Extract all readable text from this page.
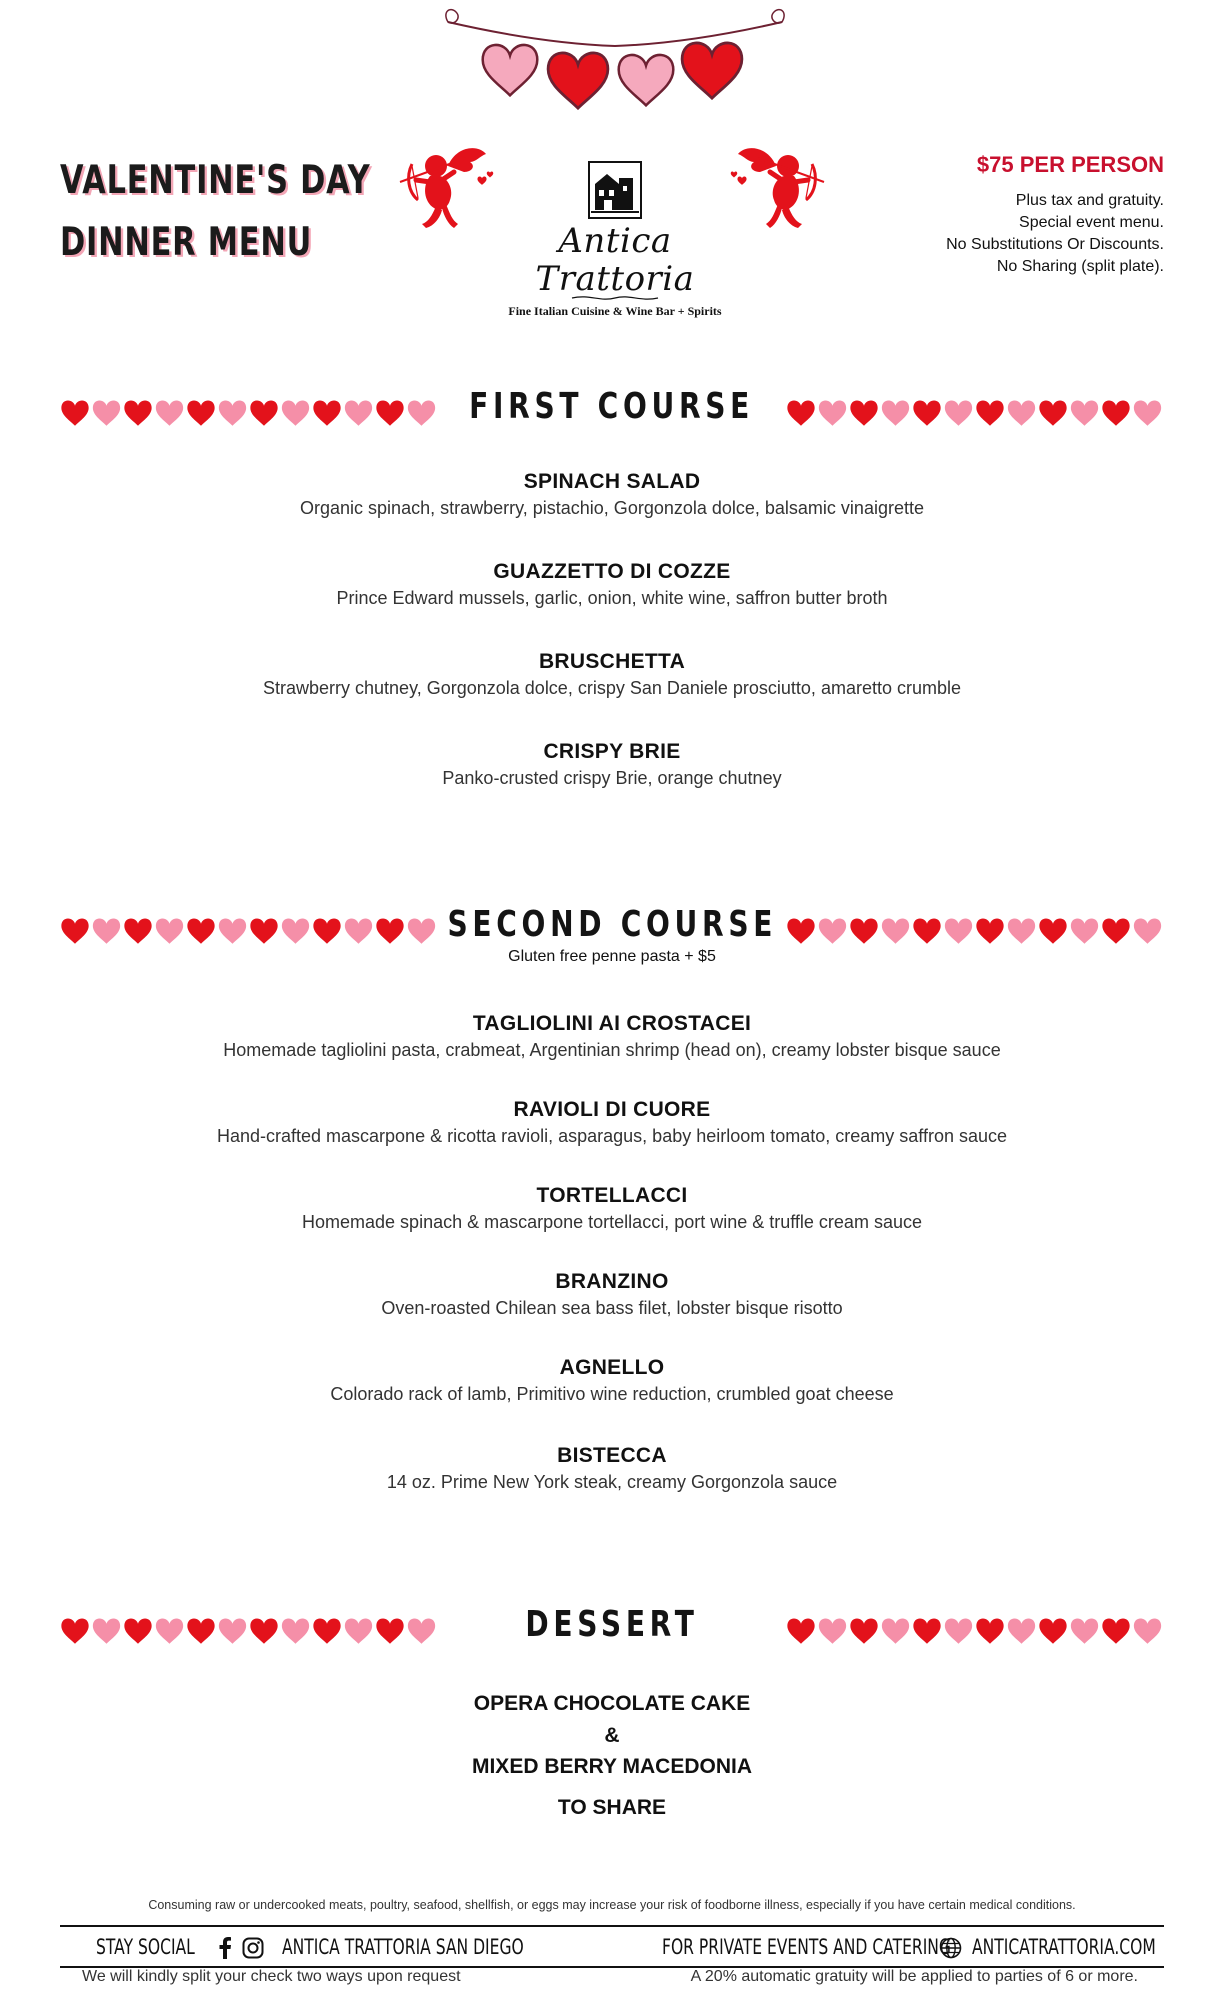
VALENTINE'S DAY
DINNER MENU	Antica Trattoria
Fine Italian Cuisine & Wine Bar + Spirits
$75 PER PERSON
Plus tax and gratuity.
Special event menu.
No Substitutions Or Discounts.
No Sharing (split plate).
FIRST COURSE
SPINACH SALAD
Organic spinach, strawberry, pistachio, Gorgonzola dolce, balsamic vinaigrette
GUAZZETTO DI COZZE
Prince Edward mussels, garlic, onion, white wine, saffron butter broth
BRUSCHETTA
Strawberry chutney, Gorgonzola dolce, crispy San Daniele prosciutto, amaretto crumble
CRISPY BRIE
Panko-crusted crispy Brie, orange chutney
SECOND COURSE
Gluten free penne pasta + $5
TAGLIOLINI AI CROSTACEI
Homemade tagliolini pasta, crabmeat, Argentinian shrimp (head on), creamy lobster bisque sauce
RAVIOLI DI CUORE
Hand-crafted mascarpone & ricotta ravioli, asparagus, baby heirloom tomato, creamy saffron sauce
TORTELLACCI
Homemade spinach & mascarpone tortellacci, port wine & truffle cream sauce
BRANZINO
Oven-roasted Chilean sea bass filet, lobster bisque risotto
AGNELLO
Colorado rack of lamb, Primitivo wine reduction, crumbled goat cheese
BISTECCA
14 oz. Prime New York steak, creamy Gorgonzola sauce
DESSERT
OPERA CHOCOLATE CAKE
&
MIXED BERRY MACEDONIA
TO SHARE
Consuming raw or undercooked meats, poultry, seafood, shellfish, or eggs may increase your risk of foodborne illness, especially if you have certain medical conditions.
STAY SOCIAL	ANTICA TRATTORIA SAN DIEGO	FOR PRIVATE EVENTS AND CATERING	ANTICATRATTORIA.COM
We will kindly split your check two ways upon request	A 20% automatic gratuity will be applied to parties of 6 or more.
